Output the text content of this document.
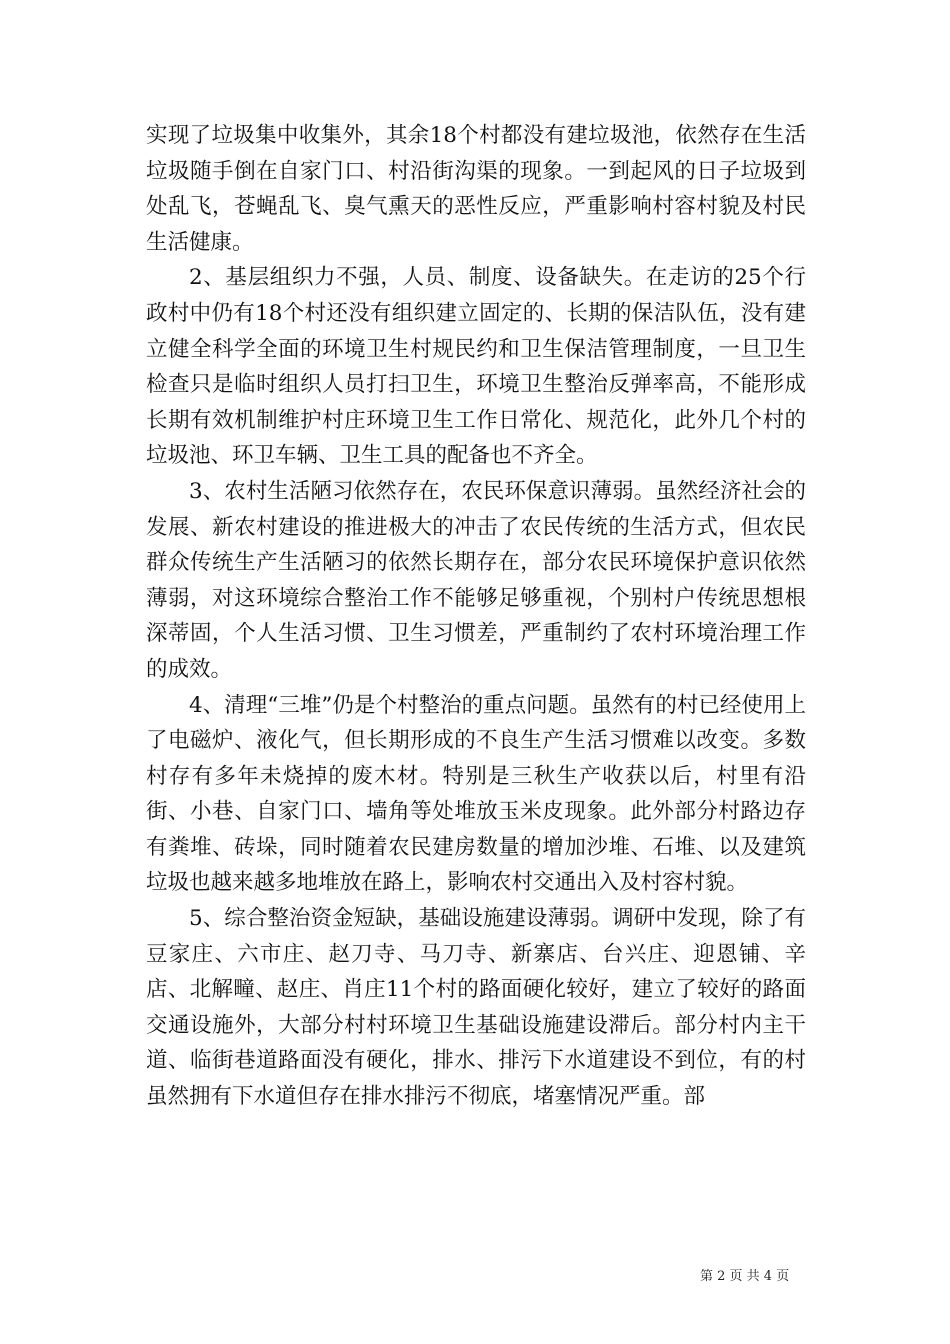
实现了垃圾集中收集外，其余18个村都没有建垃圾池，依然存在生活垃圾随手倒在自家门口、村沿街沟渠的现象。一到起风的日子垃圾到处乱飞，苍蝇乱飞、臭气熏天的恶性反应，严重影响村容村貌及村民生活健康。

2、基层组织力不强，人员、制度、设备缺失。在走访的25个行政村中仍有18个村还没有组织建立固定的、长期的保洁队伍，没有建立健全科学全面的环境卫生村规民约和卫生保洁管理制度，一旦卫生检查只是临时组织人员打扫卫生，环境卫生整治反弹率高，不能形成长期有效机制维护村庄环境卫生工作日常化、规范化，此外几个村的垃圾池、环卫车辆、卫生工具的配备也不齐全。

3、农村生活陋习依然存在，农民环保意识薄弱。虽然经济社会的发展、新农村建设的推进极大的冲击了农民传统的生活方式，但农民群众传统生产生活陋习的依然长期存在，部分农民环境保护意识依然薄弱，对这环境综合整治工作不能够足够重视，个别村户传统思想根深蒂固，个人生活习惯、卫生习惯差，严重制约了农村环境治理工作的成效。

4、清理“三堆”仍是个村整治的重点问题。虽然有的村已经使用上了电磁炉、液化气，但长期形成的不良生产生活习惯难以改变。多数村存有多年未烧掉的废木材。特别是三秋生产收获以后，村里有沿街、小巷、自家门口、墙角等处堆放玉米皮现象。此外部分村路边存有粪堆、砖垛，同时随着农民建房数量的增加沙堆、石堆、以及建筑垃圾也越来越多地堆放在路上，影响农村交通出入及村容村貌。

5、综合整治资金短缺，基础设施建设薄弱。调研中发现，除了有豆家庄、六市庄、赵刀寺、马刀寺、新寨店、台兴庄、迎恩铺、辛店、北解疃、赵庄、肖庄11个村的路面硬化较好，建立了较好的路面交通设施外，大部分村村环境卫生基础设施建设滞后。部分村内主干道、临街巷道路面没有硬化，排水、排污下水道建设不到位，有的村虽然拥有下水道但存在排水排污不彻底，堵塞情况严重。部

第 2 页 共 4 页
